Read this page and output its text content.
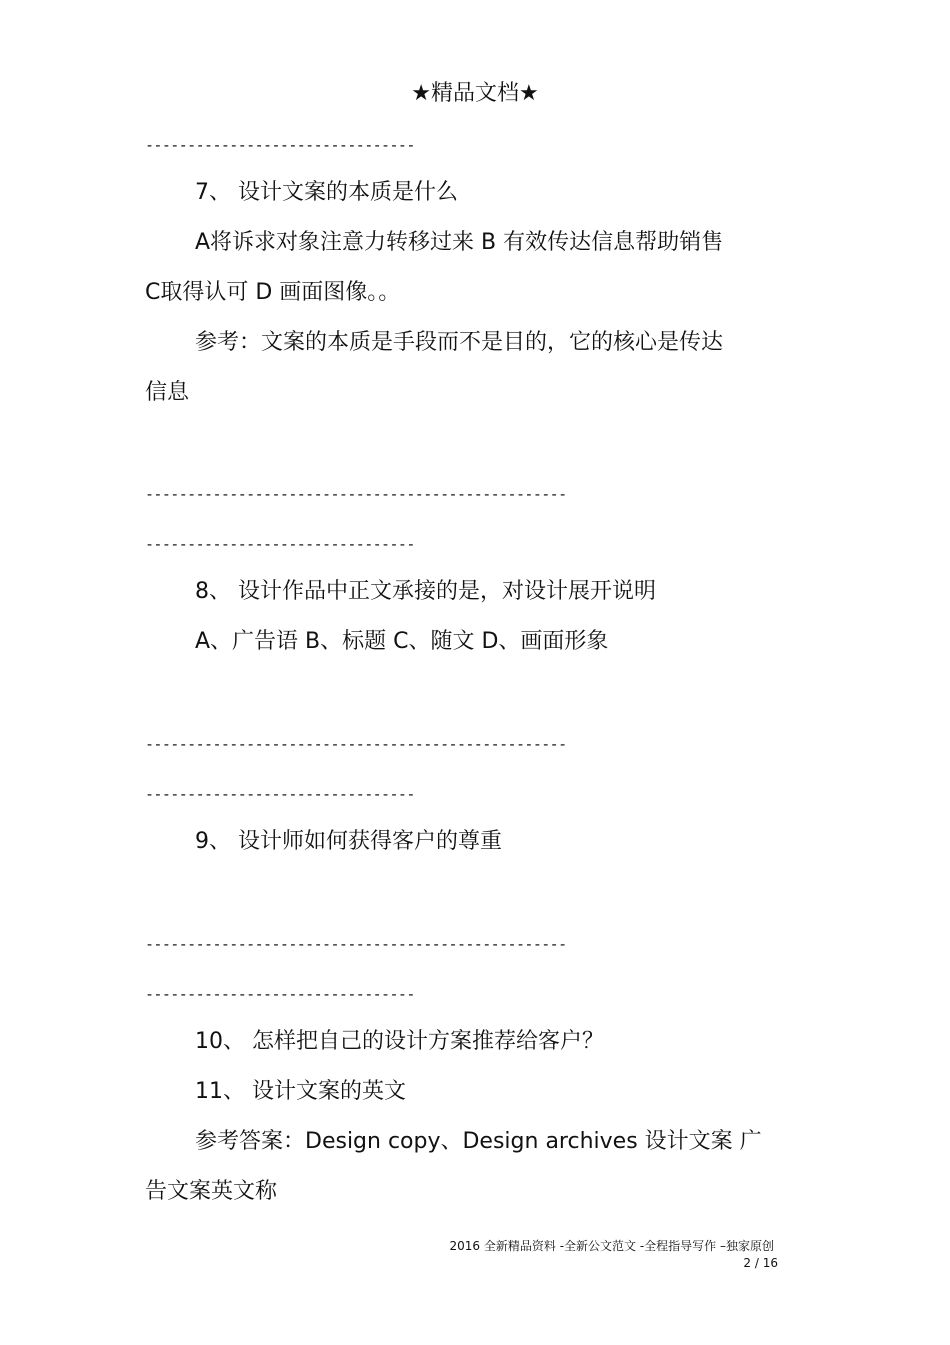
★精品文档★
--------------------------------
7、 设计文案的本质是什么
A将诉求对象注意力转移过来 B 有效传达信息帮助销售
C取得认可 D 画面图像。。
参考：文案的本质是手段而不是目的，它的核心是传达
信息
--------------------------------------------------
--------------------------------
8、 设计作品中正文承接的是，对设计展开说明
A、广告语 B、标题 C、随文 D、画面形象
--------------------------------------------------
--------------------------------
9、 设计师如何获得客户的尊重
--------------------------------------------------
--------------------------------
10、 怎样把自己的设计方案推荐给客户？
11、 设计文案的英文
参考答案：Design copy、Design archives 设计文案 广
告文案英文称
2016 全新精品资料 -全新公文范文 -全程指导写作 –独家原创
2 / 16
